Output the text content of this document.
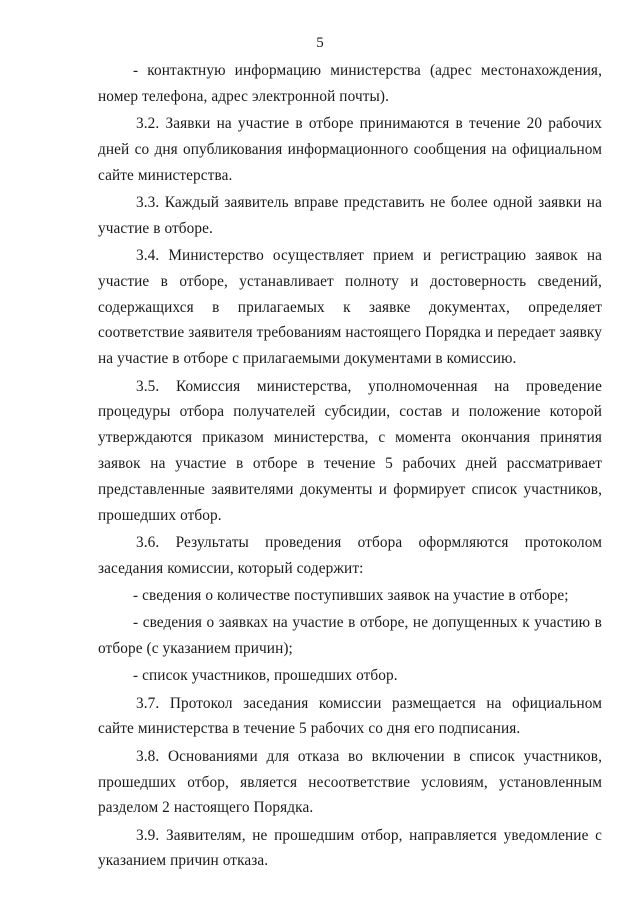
5

- контактную информацию министерства (адрес местонахождения, номер телефона, адрес электронной почты).

3.2. Заявки на участие в отборе принимаются в течение 20 рабочих дней со дня опубликования информационного сообщения на официальном сайте министерства.

3.3. Каждый заявитель вправе представить не более одной заявки на участие в отборе.

3.4. Министерство осуществляет прием и регистрацию заявок на участие в отборе, устанавливает полноту и достоверность сведений, содержащихся в прилагаемых к заявке документах, определяет соответствие заявителя требованиям настоящего Порядка и передает заявку на участие в отборе с прилагаемыми документами в комиссию.

3.5. Комиссия министерства, уполномоченная на проведение процедуры отбора получателей субсидии, состав и положение которой утверждаются приказом министерства, с момента окончания принятия заявок на участие в отборе в течение 5 рабочих дней рассматривает представленные заявителями документы и формирует список участников, прошедших отбор.

3.6. Результаты проведения отбора оформляются протоколом заседания комиссии, который содержит:

- сведения о количестве поступивших заявок на участие в отборе;

- сведения о заявках на участие в отборе, не допущенных к участию в отборе (с указанием причин);

- список участников, прошедших отбор.

3.7. Протокол заседания комиссии размещается на официальном сайте министерства в течение 5 рабочих со дня его подписания.

3.8. Основаниями для отказа во включении в список участников, прошедших отбор, является несоответствие условиям, установленным разделом 2 настоящего Порядка.

3.9. Заявителям, не прошедшим отбор, направляется уведомление с указанием причин отказа.
